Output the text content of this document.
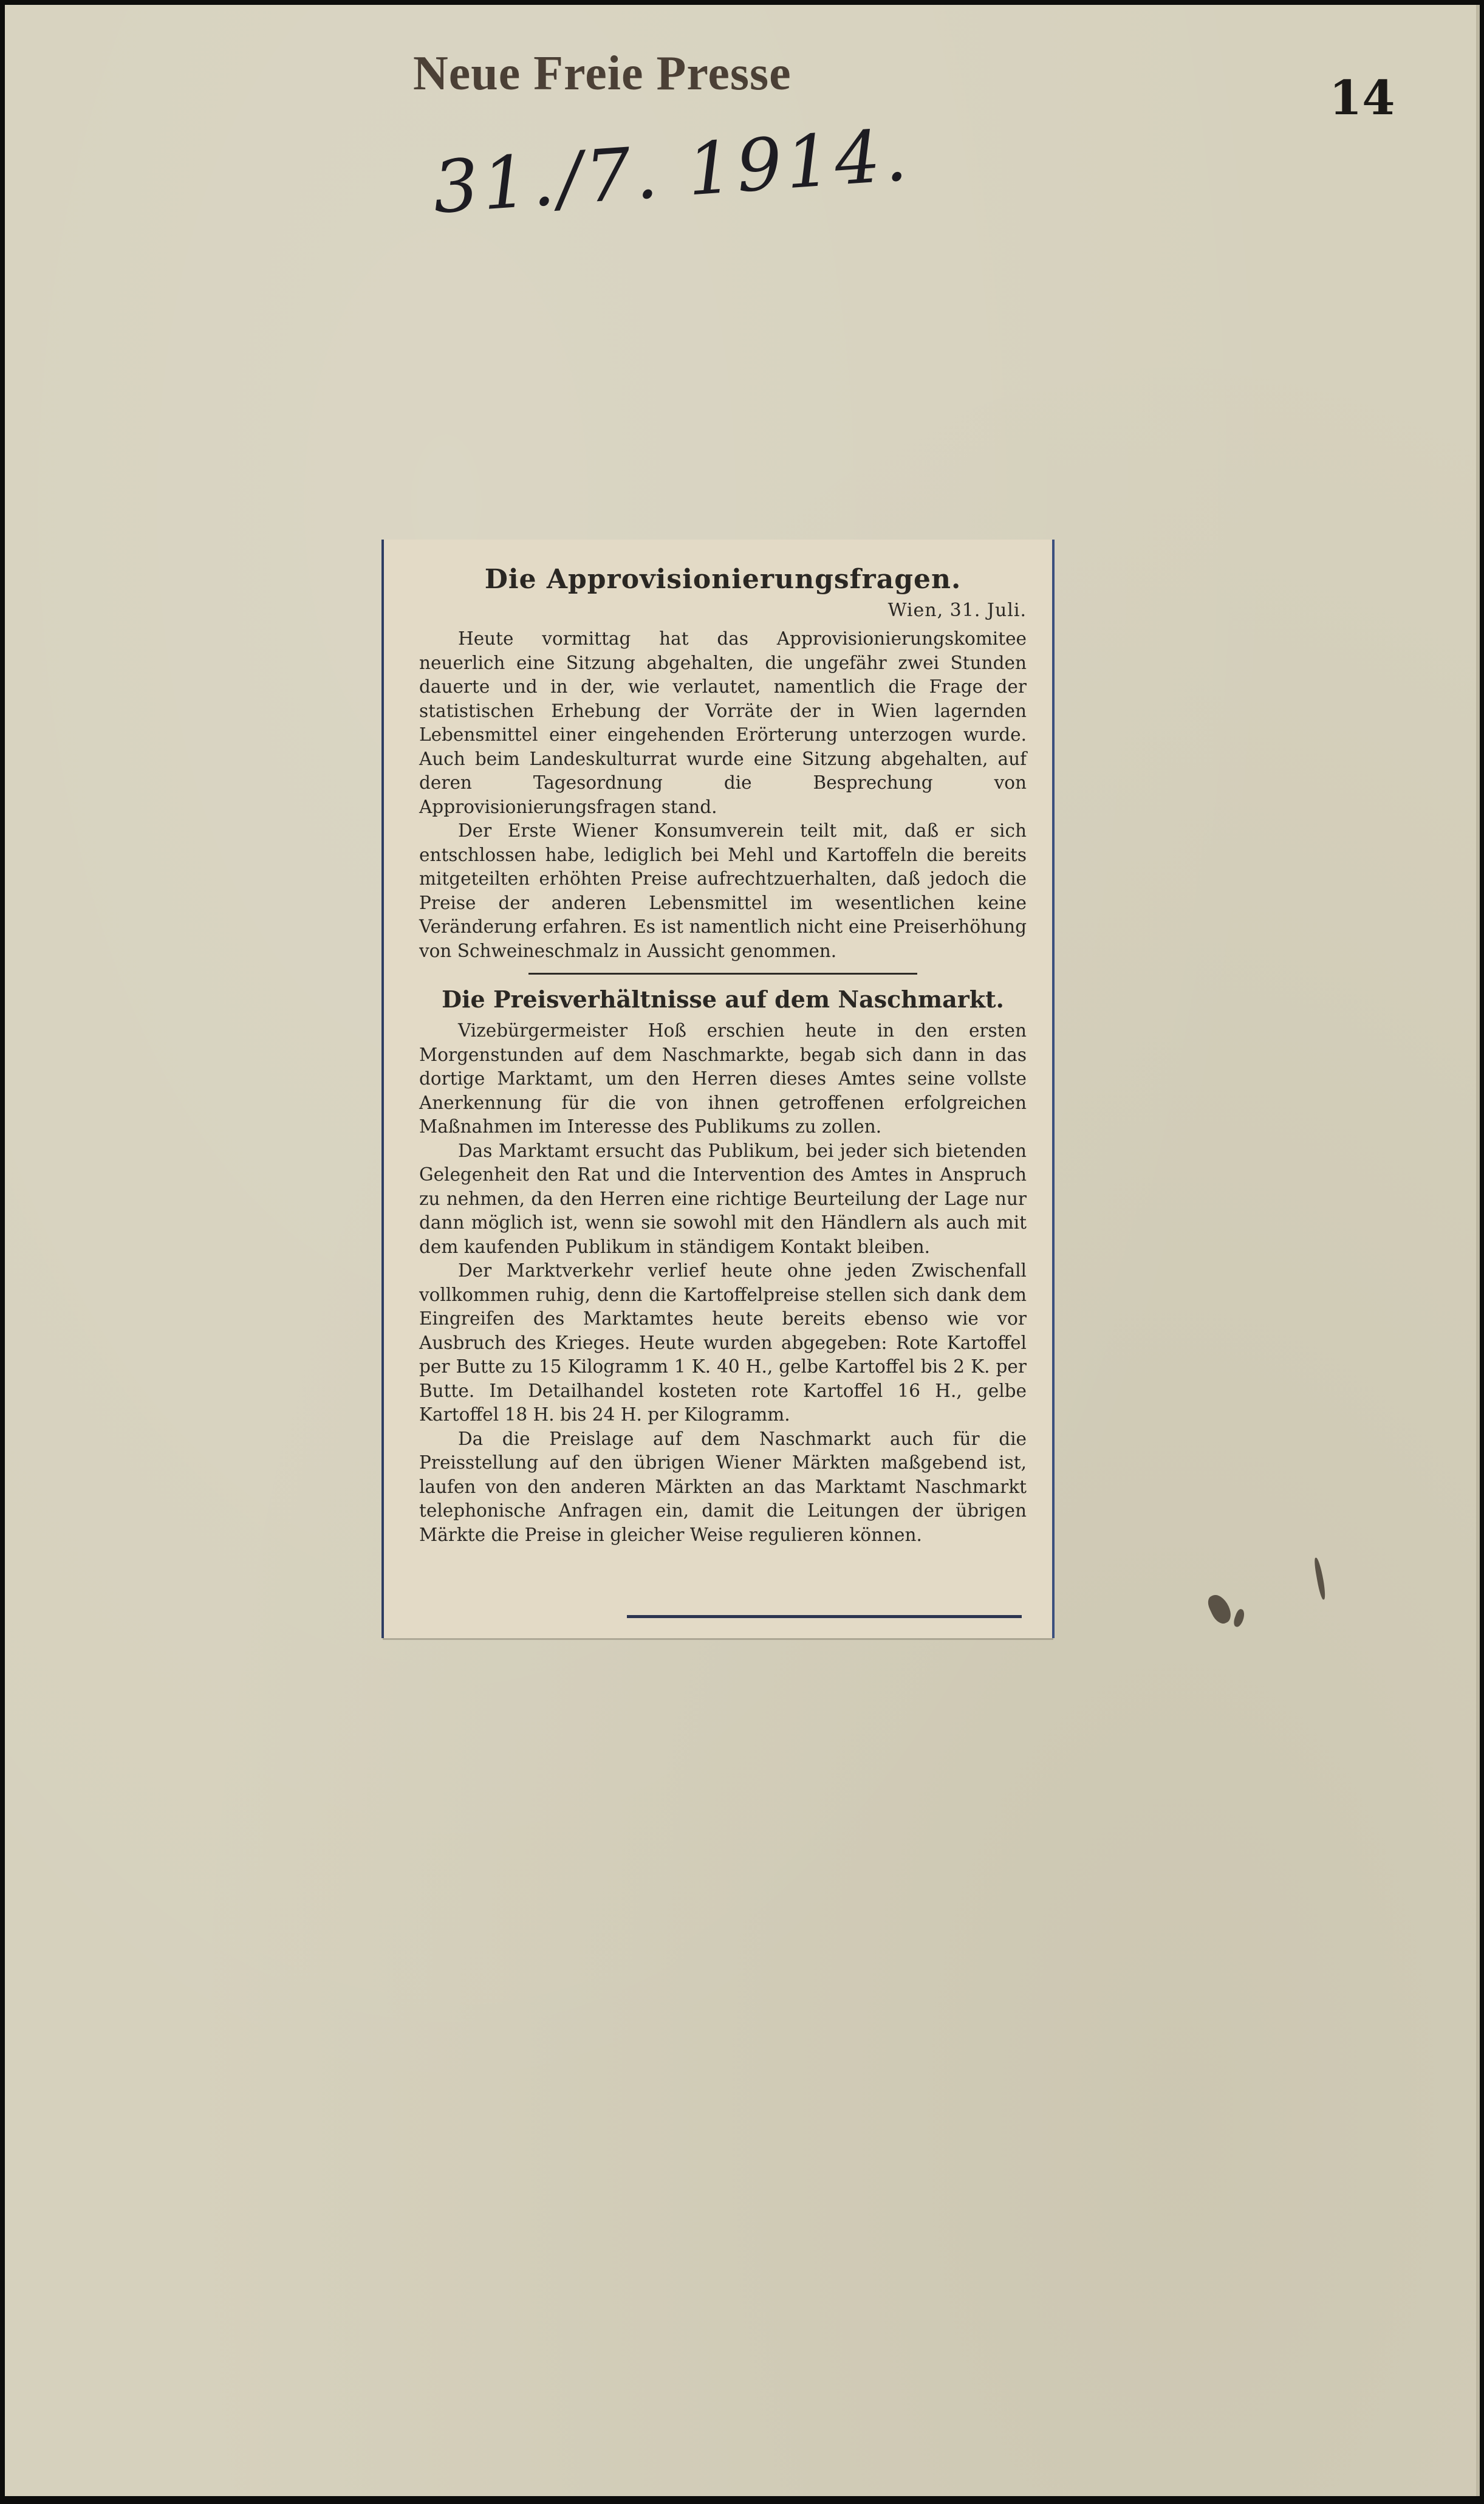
Neue Freie Presse	14
31./7. 1914.
Die Approvisionierungsfragen.
Wien, 31. Juli.

Heute vormittag hat das Approvisionierungskomitee neuerlich eine Sitzung abgehalten, die ungefähr zwei Stunden dauerte und in der, wie verlautet, namentlich die Frage der statistischen Erhebung der Vorräte der in Wien lagernden Lebensmittel einer eingehenden Erörterung unterzogen wurde. Auch beim Landeskulturrat wurde eine Sitzung abgehalten, auf deren Tagesordnung die Besprechung von Approvisionierungsfragen stand.

Der Erste Wiener Konsumverein teilt mit, daß er sich entschlossen habe, lediglich bei Mehl und Kartoffeln die bereits mitgeteilten erhöhten Preise aufrechtzuerhalten, daß jedoch die Preise der anderen Lebensmittel im wesentlichen keine Veränderung erfahren. Es ist namentlich nicht eine Preiserhöhung von Schweineschmalz in Aussicht genommen.

Die Preisverhältnisse auf dem Naschmarkt.

Vizebürgermeister Hoß erschien heute in den ersten Morgenstunden auf dem Naschmarkte, begab sich dann in das dortige Marktamt, um den Herren dieses Amtes seine vollste Anerkennung für die von ihnen getroffenen erfolgreichen Maßnahmen im Interesse des Publikums zu zollen.

Das Marktamt ersucht das Publikum, bei jeder sich bietenden Gelegenheit den Rat und die Intervention des Amtes in Anspruch zu nehmen, da den Herren eine richtige Beurteilung der Lage nur dann möglich ist, wenn sie sowohl mit den Händlern als auch mit dem kaufenden Publikum in ständigem Kontakt bleiben.

Der Marktverkehr verlief heute ohne jeden Zwischenfall vollkommen ruhig, denn die Kartoffelpreise stellen sich dank dem Eingreifen des Marktamtes heute bereits ebenso wie vor Ausbruch des Krieges. Heute wurden abgegeben: Rote Kartoffel per Butte zu 15 Kilogramm 1 K. 40 H., gelbe Kartoffel bis 2 K. per Butte. Im Detailhandel kosteten rote Kartoffel 16 H., gelbe Kartoffel 18 H. bis 24 H. per Kilogramm.

Da die Preislage auf dem Naschmarkt auch für die Preisstellung auf den übrigen Wiener Märkten maßgebend ist, laufen von den anderen Märkten an das Marktamt Naschmarkt telephonische Anfragen ein, damit die Leitungen der übrigen Märkte die Preise in gleicher Weise regulieren können.
